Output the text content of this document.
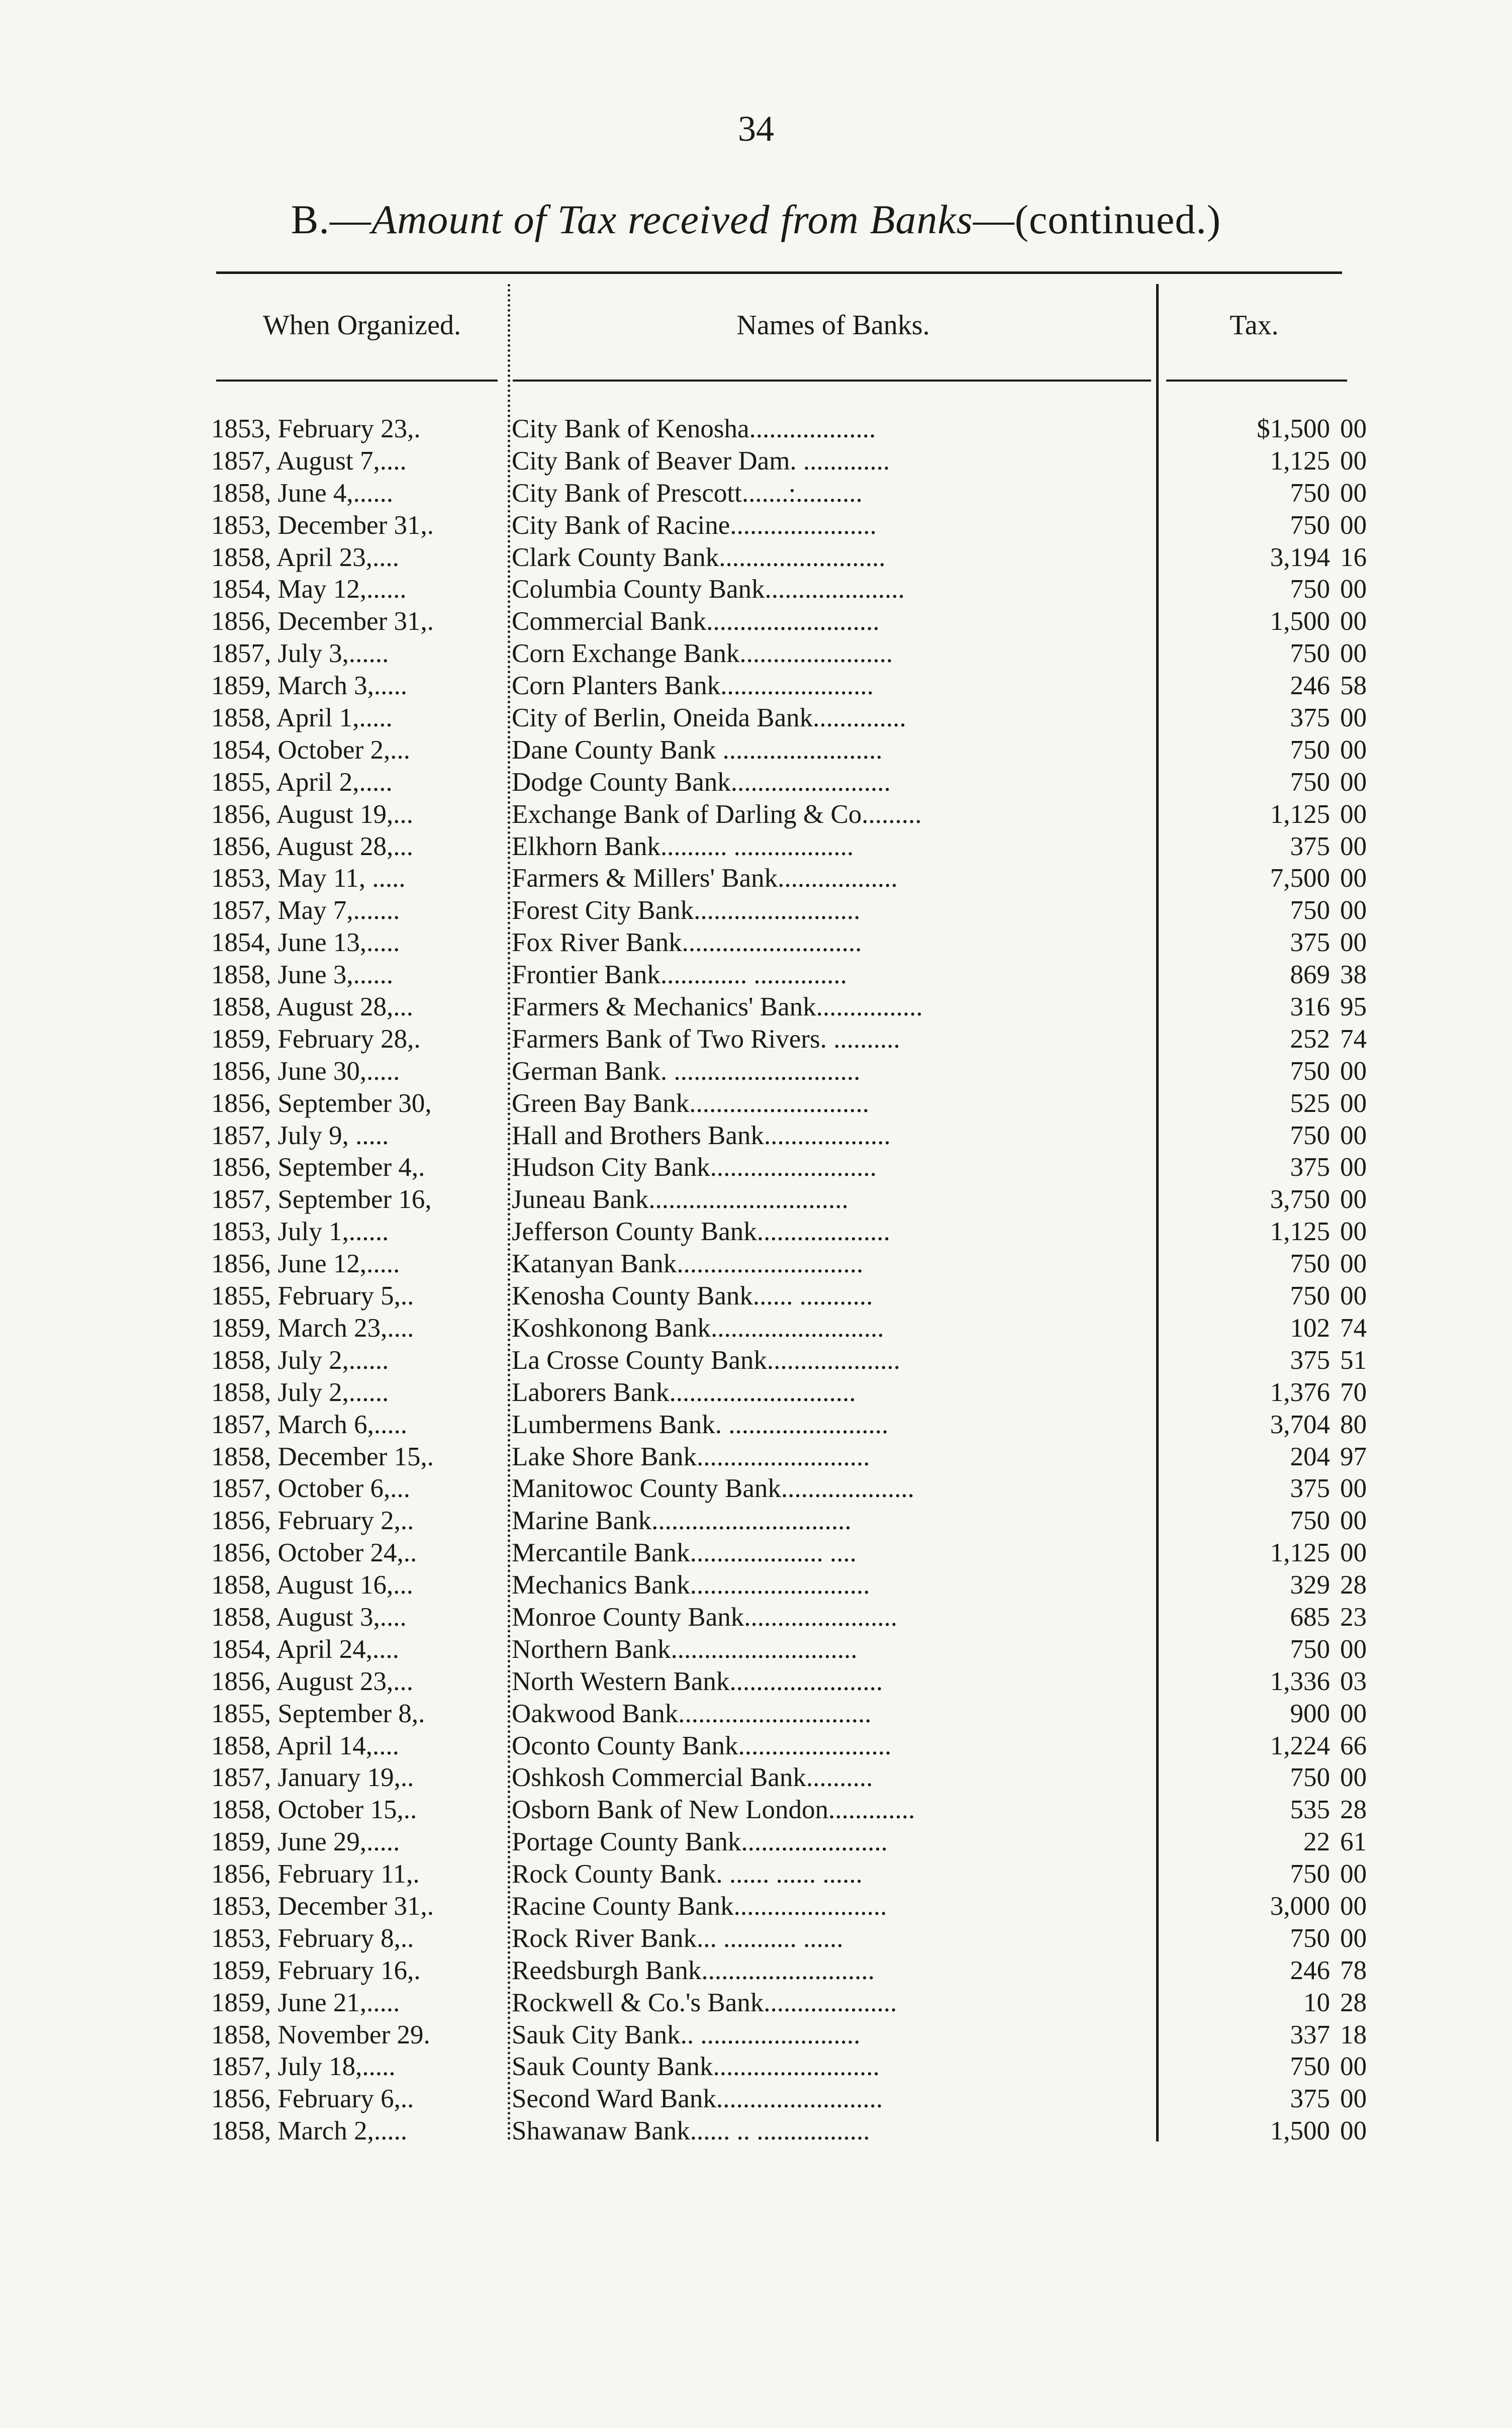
34
B.—Amount of Tax received from Banks—(continued.)
When Organized.	Names of Banks.	Tax.
1853, February 23,.	City Bank of Kenosha...................	$1,500 00
1857, August 7,....	City Bank of Beaver Dam. .............	1,125 00
1858, June 4,......	City Bank of Prescott.......:..........	750 00
1853, December 31,.	City Bank of Racine......................	750 00
1858, April 23,....	Clark County Bank.........................	3,194 16
1854, May 12,......	Columbia County Bank.....................	750 00
1856, December 31,.	Commercial Bank..........................	1,500 00
1857, July 3,......	Corn Exchange Bank.......................	750 00
1859, March 3,.....	Corn Planters Bank.......................	246 58
1858, April 1,.....	City of Berlin, Oneida Bank..............	375 00
1854, October 2,...	Dane County Bank ........................	750 00
1855, April 2,.....	Dodge County Bank........................	750 00
1856, August 19,...	Exchange Bank of Darling & Co.........	1,125 00
1856, August 28,...	Elkhorn Bank.......... ..................	375 00
1853, May 11, .....	Farmers & Millers' Bank..................	7,500 00
1857, May 7,.......	Forest City Bank.........................	750 00
1854, June 13,.....	Fox River Bank...........................	375 00
1858, June 3,......	Frontier Bank............. ..............	869 38
1858, August 28,...	Farmers & Mechanics' Bank................	316 95
1859, February 28,.	Farmers Bank of Two Rivers. ..........	252 74
1856, June 30,.....	German Bank. ............................	750 00
1856, September 30,	Green Bay Bank...........................	525 00
1857, July 9, .....	Hall and Brothers Bank...................	750 00
1856, September 4,.	Hudson City Bank.........................	375 00
1857, September 16,	Juneau Bank..............................	3,750 00
1853, July 1,......	Jefferson County Bank....................	1,125 00
1856, June 12,.....	Katanyan Bank............................	750 00
1855, February 5,..	Kenosha County Bank...... ...........	750 00
1859, March 23,....	Koshkonong Bank..........................	102 74
1858, July 2,......	La Crosse County Bank....................	375 51
1858, July 2,......	Laborers Bank............................	1,376 70
1857, March 6,.....	Lumbermens Bank. ........................	3,704 80
1858, December 15,.	Lake Shore Bank..........................	204 97
1857, October 6,...	Manitowoc County Bank....................	375 00
1856, February 2,..	Marine Bank..............................	750 00
1856, October 24,..	Mercantile Bank.................... ....	1,125 00
1858, August 16,...	Mechanics Bank...........................	329 28
1858, August 3,....	Monroe County Bank.......................	685 23
1854, April 24,....	Northern Bank............................	750 00
1856, August 23,...	North Western Bank.......................	1,336 03
1855, September 8,.	Oakwood Bank.............................	900 00
1858, April 14,....	Oconto County Bank.......................	1,224 66
1857, January 19,..	Oshkosh Commercial Bank..........	750 00
1858, October 15,..	Osborn Bank of New London.............	535 28
1859, June 29,.....	Portage County Bank......................	22 61
1856, February 11,.	Rock County Bank. ...... ...... ......	750 00
1853, December 31,.	Racine County Bank.......................	3,000 00
1853, February 8,..	Rock River Bank... ........... ......	750 00
1859, February 16,.	Reedsburgh Bank..........................	246 78
1859, June 21,.....	Rockwell & Co.'s Bank....................	10 28
1858, November 29.	Sauk City Bank.. ........................	337 18
1857, July 18,.....	Sauk County Bank.........................	750 00
1856, February 6,..	Second Ward Bank.........................	375 00
1858, March 2,.....	Shawanaw Bank...... .. .................	1,500 00
